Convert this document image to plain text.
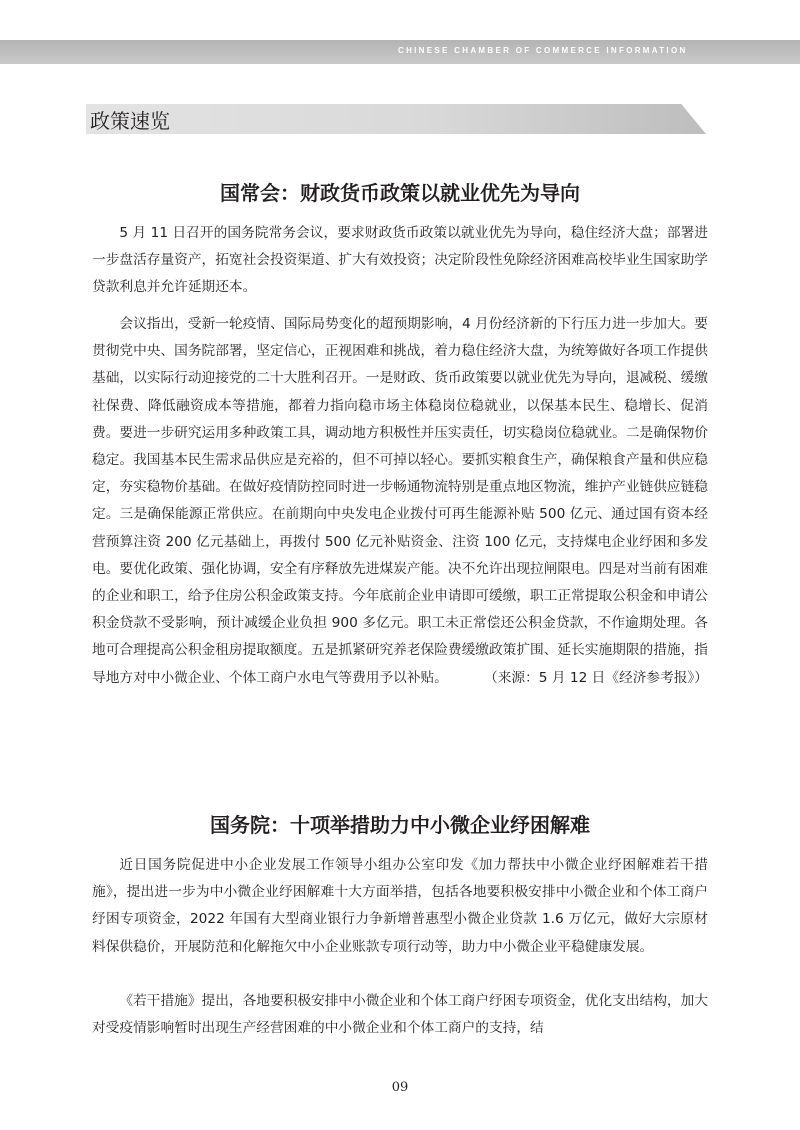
CHINESE CHAMBER OF COMMERCE INFORMATION
政策速览
国常会：财政货币政策以就业优先为导向

5 月 11 日召开的国务院常务会议，要求财政货币政策以就业优先为导向，稳住经济大盘；部署进一步盘活存量资产，拓宽社会投资渠道、扩大有效投资；决定阶段性免除经济困难高校毕业生国家助学贷款利息并允许延期还本。

会议指出，受新一轮疫情、国际局势变化的超预期影响，4 月份经济新的下行压力进一步加大。要贯彻党中央、国务院部署，坚定信心，正视困难和挑战，着力稳住经济大盘，为统筹做好各项工作提供基础，以实际行动迎接党的二十大胜利召开。一是财政、货币政策要以就业优先为导向，退减税、缓缴社保费、降低融资成本等措施，都着力指向稳市场主体稳岗位稳就业，以保基本民生、稳增长、促消费。要进一步研究运用多种政策工具，调动地方积极性并压实责任，切实稳岗位稳就业。二是确保物价稳定。我国基本民生需求品供应是充裕的，但不可掉以轻心。要抓实粮食生产，确保粮食产量和供应稳定，夯实稳物价基础。在做好疫情防控同时进一步畅通物流特别是重点地区物流，维护产业链供应链稳定。三是确保能源正常供应。在前期向中央发电企业拨付可再生能源补贴 500 亿元、通过国有资本经营预算注资 200 亿元基础上，再拨付 500 亿元补贴资金、注资 100 亿元，支持煤电企业纾困和多发电。要优化政策、强化协调，安全有序释放先进煤炭产能。决不允许出现拉闸限电。四是对当前有困难的企业和职工，给予住房公积金政策支持。今年底前企业申请即可缓缴，职工正常提取公积金和申请公积金贷款不受影响，预计减缓企业负担 900 多亿元。职工未正常偿还公积金贷款，不作逾期处理。各地可合理提高公积金租房提取额度。五是抓紧研究养老保险费缓缴政策扩围、延长实施期限的措施，指导地方对中小微企业、个体工商户水电气等费用予以补贴。	（来源：5 月 12 日《经济参考报》）

国务院：十项举措助力中小微企业纾困解难

近日国务院促进中小企业发展工作领导小组办公室印发《加力帮扶中小微企业纾困解难若干措施》，提出进一步为中小微企业纾困解难十大方面举措，包括各地要积极安排中小微企业和个体工商户纾困专项资金，2022 年国有大型商业银行力争新增普惠型小微企业贷款 1.6 万亿元，做好大宗原材料保供稳价，开展防范和化解拖欠中小企业账款专项行动等，助力中小微企业平稳健康发展。

《若干措施》提出，各地要积极安排中小微企业和个体工商户纾困专项资金，优化支出结构，加大对受疫情影响暂时出现生产经营困难的中小微企业和个体工商户的支持，结

09
